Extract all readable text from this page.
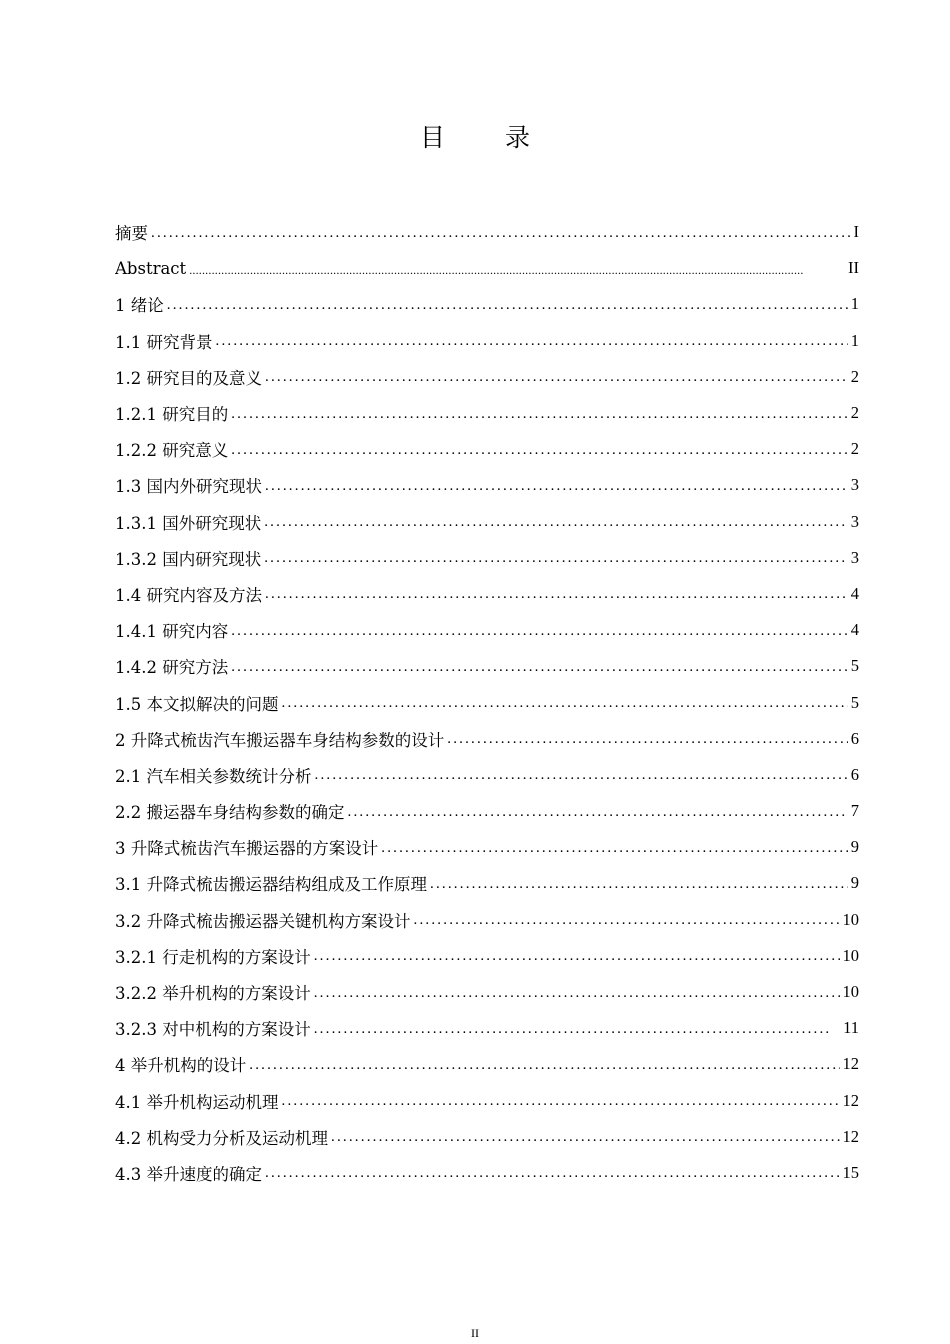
目 录
摘要 .....	I
Abstract .....	II
1 绪论 .....	1
1.1 研究背景 .....	1
1.2 研究目的及意义 .....	2
1.2.1 研究目的 .....	2
1.2.2 研究意义 .....	2
1.3 国内外研究现状 .....	3
1.3.1 国外研究现状 .....	3
1.3.2 国内研究现状 .....	3
1.4 研究内容及方法 .....	4
1.4.1 研究内容 .....	4
1.4.2 研究方法 .....	5
1.5 本文拟解决的问题 .....	5
2 升降式梳齿汽车搬运器车身结构参数的设计 .....	6
2.1 汽车相关参数统计分析 .....	6
2.2 搬运器车身结构参数的确定 .....	7
3 升降式梳齿汽车搬运器的方案设计 .....	9
3.1 升降式梳齿搬运器结构组成及工作原理 .....	9
3.2 升降式梳齿搬运器关键机构方案设计 .....	10
3.2.1 行走机构的方案设计 .....	10
3.2.2 举升机构的方案设计 .....	10
3.2.3 对中机构的方案设计 .....	11
4 举升机构的设计 .....	12
4.1 举升机构运动机理 .....	12
4.2 机构受力分析及运动机理 .....	12
4.3 举升速度的确定 .....	15
II
